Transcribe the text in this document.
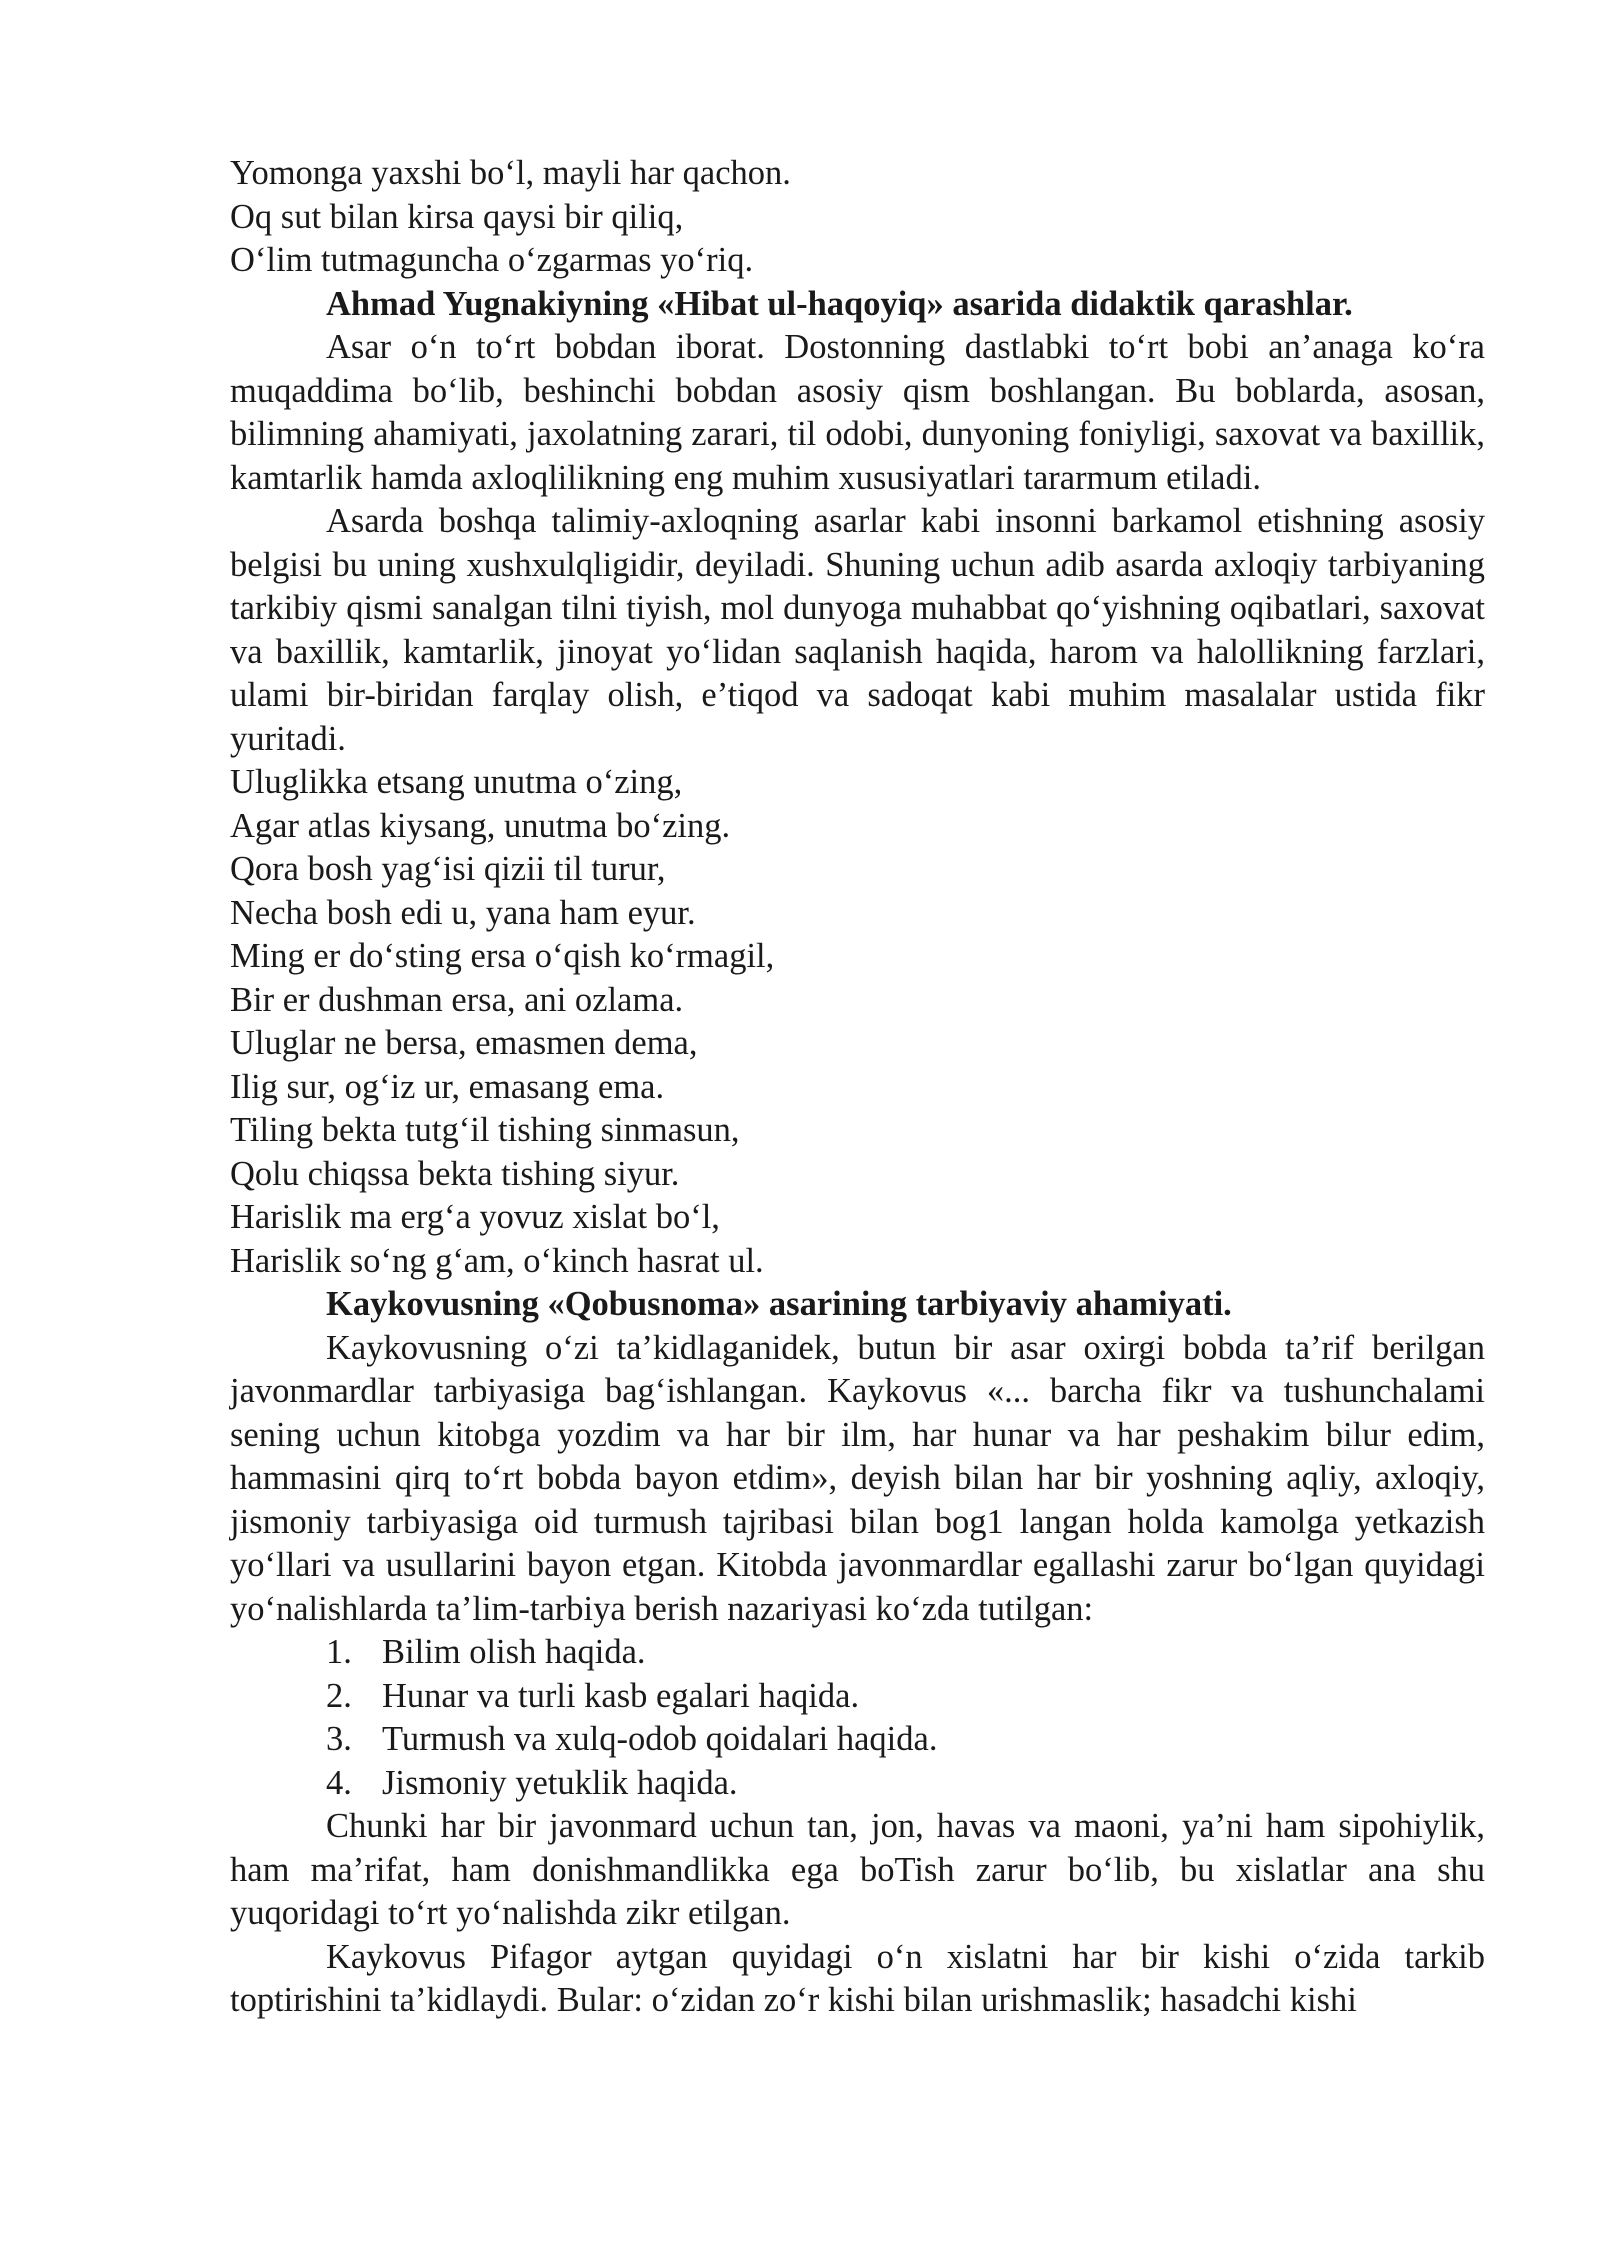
Yomonga yaxshi bo‘l, mayli har qachon.

Oq sut bilan kirsa qaysi bir qiliq,

O‘lim tutmaguncha o‘zgarmas yo‘riq.

Ahmad Yugnakiyning «Hibat ul-haqoyiq» asarida didaktik qarashlar.

Asar o‘n to‘rt bobdan iborat. Dostonning dastlabki to‘rt bobi an’anaga ko‘ra muqaddima bo‘lib, beshinchi bobdan asosiy qism boshlangan. Bu boblarda, asosan, bilimning ahamiyati, jaxolatning zarari, til odobi, dunyoning foniyligi, saxovat va baxillik, kamtarlik hamda axloqlilikning eng muhim xususiyatlari tararmum etiladi.

Asarda boshqa talimiy-axloqning asarlar kabi insonni barkamol etishning asosiy belgisi bu uning xushxulqligidir, deyiladi. Shuning uchun adib asarda axloqiy tarbiyaning tarkibiy qismi sanalgan tilni tiyish, mol dunyoga muhabbat qo‘yishning oqibatlari, saxovat va baxillik, kamtarlik, jinoyat yo‘lidan saqlanish haqida, harom va halollikning farzlari, ulami bir-biridan farqlay olish, e’tiqod va sadoqat kabi muhim masalalar ustida fikr yuritadi.

Uluglikka etsang unutma o‘zing,

Agar atlas kiysang, unutma bo‘zing.

Qora bosh yag‘isi qizii til turur,

Necha bosh edi u, yana ham eyur.

Ming er do‘sting ersa o‘qish ko‘rmagil,

Bir er dushman ersa, ani ozlama.

Uluglar ne bersa, emasmen dema,

Ilig sur, og‘iz ur, emasang ema.

Tiling bekta tutg‘il tishing sinmasun,

Qolu chiqssa bekta tishing siyur.

Harislik ma erg‘a yovuz xislat bo‘l,

Harislik so‘ng g‘am, o‘kinch hasrat ul.

Kaykovusning «Qobusnoma» asarining tarbiyaviy ahamiyati.

Kaykovusning o‘zi ta’kidlaganidek, butun bir asar oxirgi bobda ta’rif berilgan javonmardlar tarbiyasiga bag‘ishlangan. Kaykovus «... barcha fikr va tushunchalami sening uchun kitobga yozdim va har bir ilm, har hunar va har peshakim bilur edim, hammasini qirq to‘rt bobda bayon etdim», deyish bilan har bir yoshning aqliy, axloqiy, jismoniy tarbiyasiga oid turmush tajribasi bilan bog1 langan holda kamolga yetkazish yo‘llari va usullarini bayon etgan. Kitobda javonmardlar egallashi zarur bo‘lgan quyidagi yo‘nalishlarda ta’lim-tarbiya berish nazariyasi ko‘zda tutilgan:

1. Bilim olish haqida.
2. Hunar va turli kasb egalari haqida.
3. Turmush va xulq-odob qoidalari haqida.
4. Jismoniy yetuklik haqida.

Chunki har bir javonmard uchun tan, jon, havas va maoni, ya’ni ham sipohiylik, ham ma’rifat, ham donishmandlikka ega boTish zarur bo‘lib, bu xislatlar ana shu yuqoridagi to‘rt yo‘nalishda zikr etilgan.

Kaykovus Pifagor aytgan quyidagi o‘n xislatni har bir kishi o‘zida tarkib toptirishini ta’kidlaydi. Bular: o‘zidan zo‘r kishi bilan urishmaslik; hasadchi kishi
